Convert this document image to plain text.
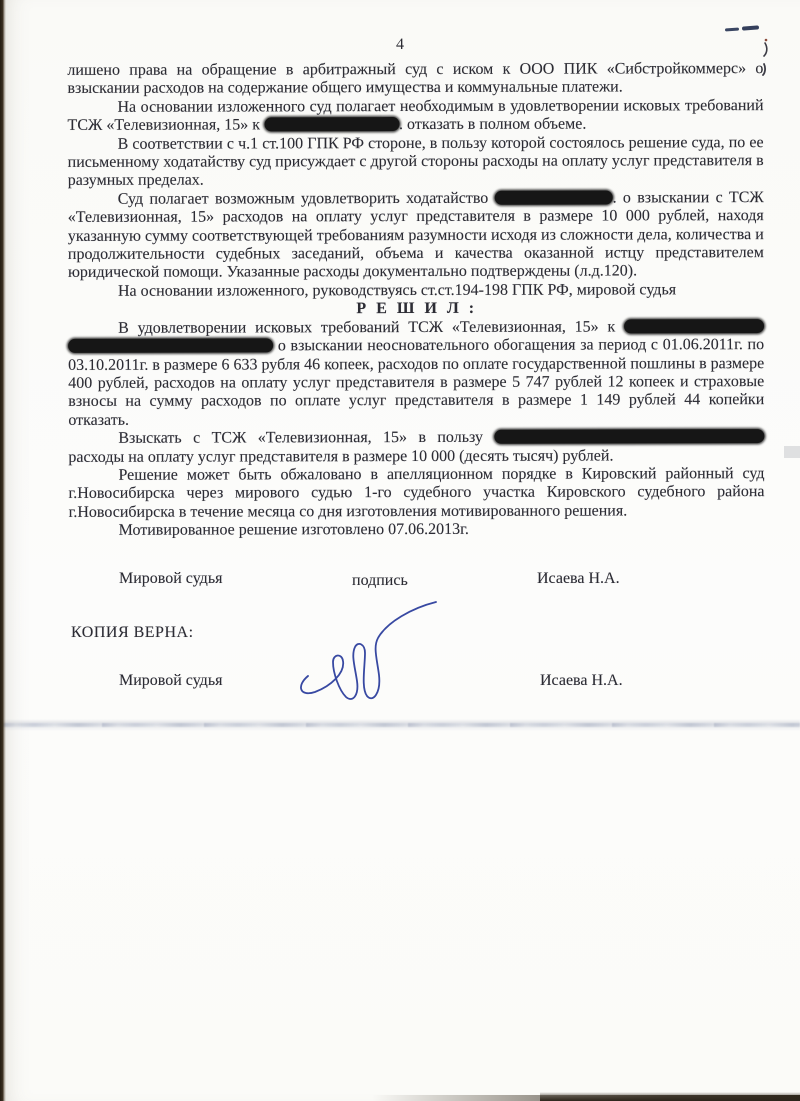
4
лишено права на обращение в арбитражный суд с иском к ООО ПИК «Сибстройкоммерс» о взыскании расходов на содержание общего имущества и коммунальные платежи.
На основании изложенного суд полагает необходимым в удовлетворении исковых требований ТСЖ «Телевизионная, 15» к	. отказать в полном объеме.
В соответствии с ч.1 ст.100 ГПК РФ стороне, в пользу которой состоялось решение суда, по ее письменному ходатайству суд присуждает с другой стороны расходы на оплату услуг представителя в разумных пределах.
Суд полагает возможным удовлетворить ходатайство	. о взыскании с ТСЖ «Телевизионная, 15» расходов на оплату услуг представителя в размере 10 000 рублей, находя указанную сумму соответствующей требованиям разумности исходя из сложности дела, количества и продолжительности судебных заседаний, объема и качества оказанной истцу представителем юридической помощи. Указанные расходы документально подтверждены (л.д.120).
На основании изложенного, руководствуясь ст.ст.194-198 ГПК РФ, мировой судья
Р Е Ш И Л :
В удовлетворении исковых требований ТСЖ «Телевизионная, 15» к   о взыскании неосновательного обогащения за период с 01.06.2011г. по 03.10.2011г. в размере 6 633 рубля 46 копеек, расходов по оплате государственной пошлины в размере 400 рублей, расходов на оплату услуг представителя в размере 5 747 рублей 12 копеек и страховые взносы на сумму расходов по оплате услуг представителя в размере 1 149 рублей 44 копейки отказать.
Взыскать с ТСЖ «Телевизионная, 15» в пользу  расходы на оплату услуг представителя в размере 10 000 (десять тысяч) рублей.
Решение может быть обжаловано в апелляционном порядке в Кировский районный суд г.Новосибирска через мирового судью 1-го судебного участка Кировского судебного района г.Новосибирска в течение месяца со дня изготовления мотивированного решения.
Мотивированное решение изготовлено 07.06.2013г.
Мировой судья	подпись	Исаева Н.А.
КОПИЯ ВЕРНА:
Мировой судья	Исаева Н.А.
